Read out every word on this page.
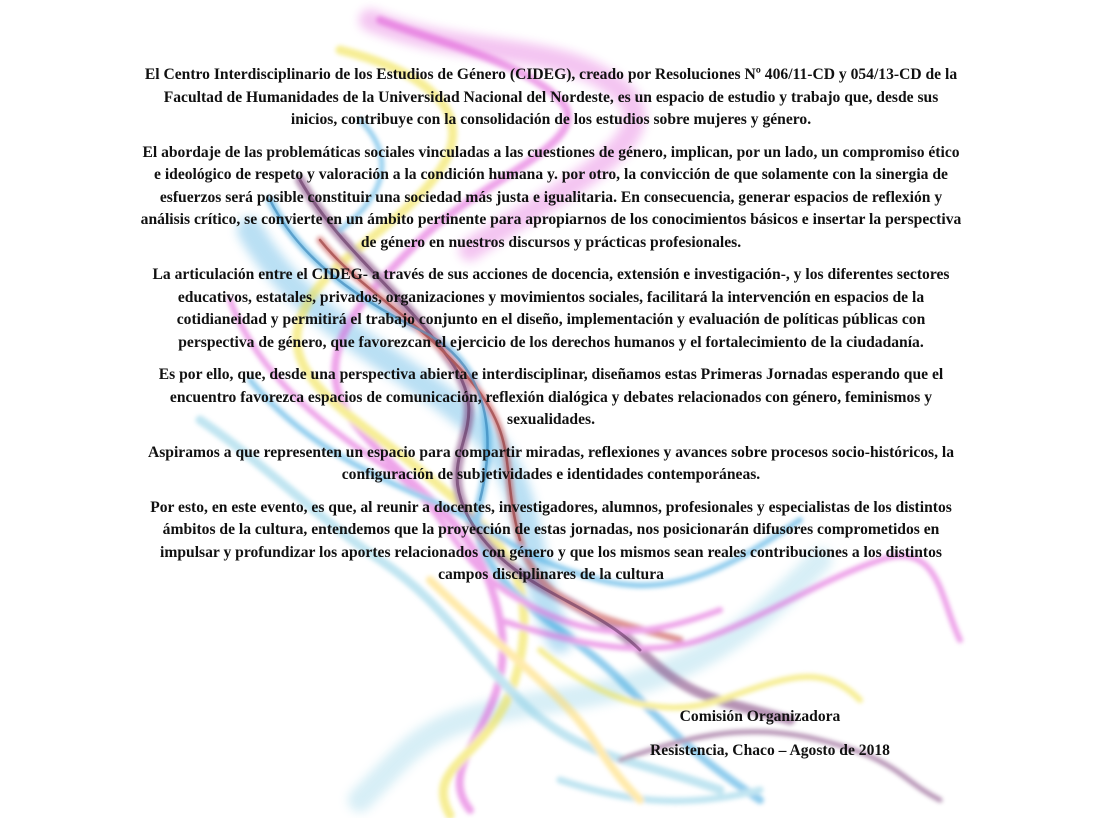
El Centro Interdisciplinario de los Estudios de Género (CIDEG), creado por Resoluciones Nº 406/11-CD y 054/13-CD de la Facultad de Humanidades de la Universidad Nacional del Nordeste, es un espacio de estudio y trabajo que, desde sus inicios, contribuye con la consolidación de los estudios sobre mujeres y género.

El abordaje de las problemáticas sociales vinculadas a las cuestiones de género, implican, por un lado, un compromiso ético e ideológico de respeto y valoración a la condición humana y. por otro, la convicción de que solamente con la sinergia de esfuerzos será posible constituir una sociedad más justa e igualitaria. En consecuencia, generar espacios de reflexión y análisis crítico, se convierte en un ámbito pertinente para apropiarnos de los conocimientos básicos e insertar la perspectiva de género en nuestros discursos y prácticas profesionales.

La articulación entre el CIDEG- a través de sus acciones de docencia, extensión e investigación-, y los diferentes sectores educativos, estatales, privados, organizaciones y movimientos sociales, facilitará la intervención en espacios de la cotidianeidad y permitirá el trabajo conjunto en el diseño, implementación y evaluación de políticas públicas con perspectiva de género, que favorezcan el ejercicio de los derechos humanos y el fortalecimiento de la ciudadanía.

Es por ello, que, desde una perspectiva abierta e interdisciplinar, diseñamos estas Primeras Jornadas esperando que el encuentro favorezca espacios de comunicación, reflexión dialógica y debates relacionados con género, feminismos y sexualidades.

Aspiramos a que representen un espacio para compartir miradas, reflexiones y avances sobre procesos socio-históricos, la configuración de subjetividades e identidades contemporáneas.

Por esto, en este evento, es que, al reunir a docentes, investigadores, alumnos, profesionales y especialistas de los distintos ámbitos de la cultura, entendemos que la proyección de estas jornadas, nos posicionarán difusores comprometidos en impulsar y profundizar los aportes relacionados con género y que los mismos sean reales contribuciones a los distintos campos disciplinares de la cultura

Comisión Organizadora
Resistencia, Chaco – Agosto de 2018
